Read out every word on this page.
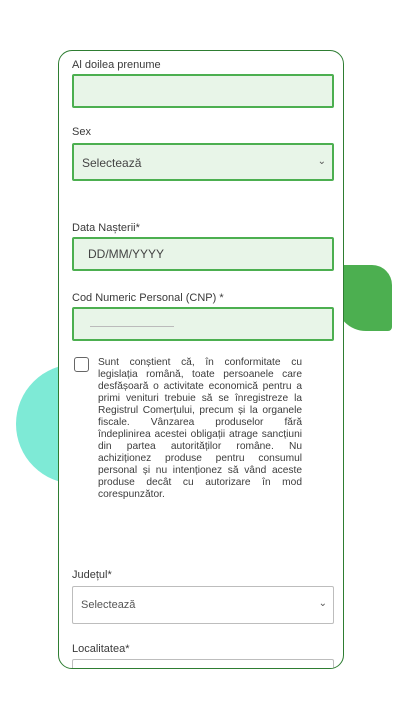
Al doilea prenume
Sex
Selectează	⌄
Data Nașterii*
DD/MM/YYYY
Cod Numeric Personal (CNP) *
Sunt conștient că, în conformitate cu legislația română, toate persoanele care desfășoară o activitate economică pentru a primi venituri trebuie să se înregistreze la Registrul Comerțului, precum și la organele fiscale. Vânzarea produselor fără îndeplinirea acestei obligații atrage sancțiuni din partea autorităților române. Nu achiziționez produse pentru consumul personal și nu intenționez să vând aceste produse decât cu autorizare în mod corespunzător.
Județul*
Selectează	⌄
Localitatea*
